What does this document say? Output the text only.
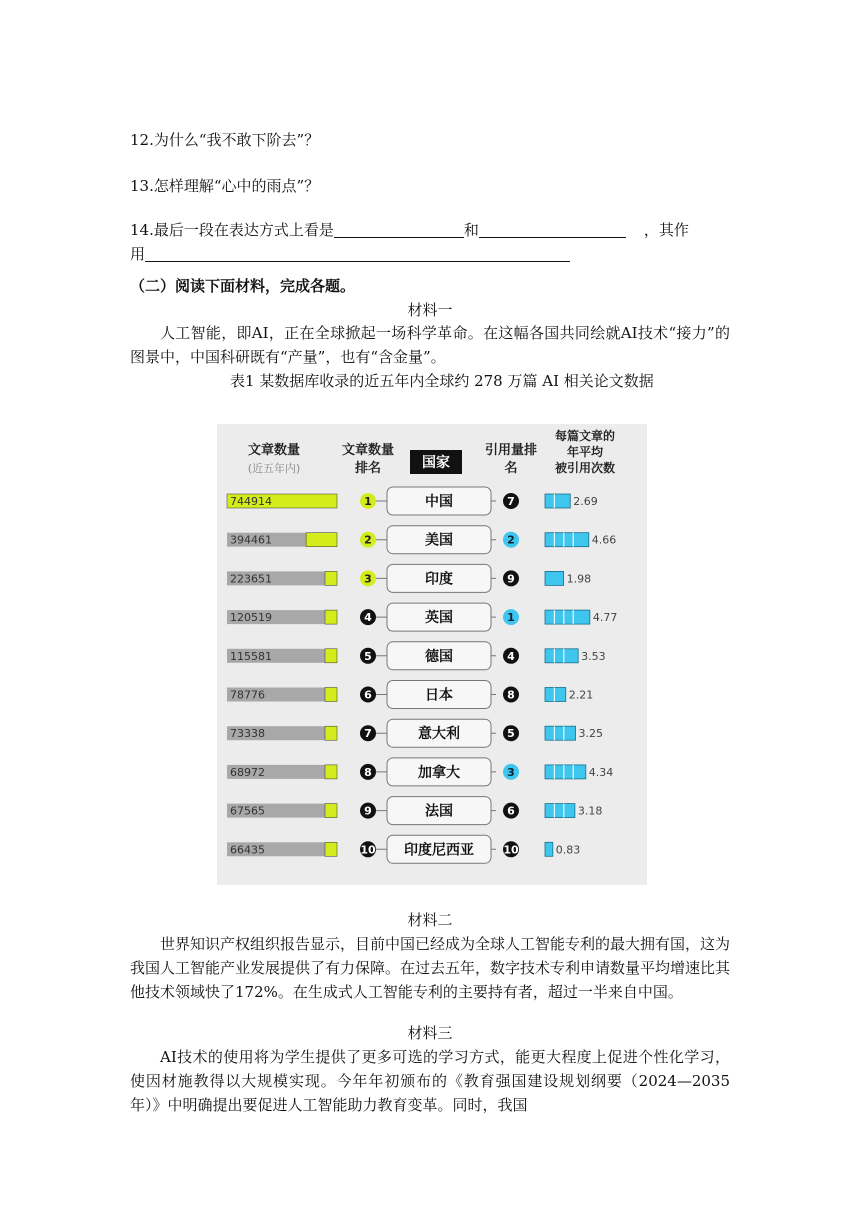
12.为什么“我不敢下阶去”？
13.怎样理解“心中的雨点”？
14.最后一段在表达方式上看是	和	，其作
用
（二）阅读下面材料，完成各题。
材料一
人工智能，即AI，正在全球掀起一场科学革命。在这幅各国共同绘就AI技术“接力”的图景中，中国科研既有“产量”，也有“含金量”。
表1 某数据库收录的近五年内全球约 278 万篇 AI 相关论文数据
文章数量
(近五年内)
文章数量
排名	国家
引用量排
名
每篇文章的
年平均
被引用次数
744914	1	中国	7	2.69
394461	2	美国	2	4.66
223651	3	印度	9	1.98
120519	4	英国	1	4.77
115581	5	德国	4	3.53
78776	6	日本	8	2.21
73338	7	意大利	5	3.25
68972	8	加拿大	3	4.34
67565	9	法国	6	3.18
66435	10 印度尼西亚	10	0.83
材料二
世界知识产权组织报告显示，目前中国已经成为全球人工智能专利的最大拥有国，这为我国人工智能产业发展提供了有力保障。在过去五年，数字技术专利申请数量平均增速比其他技术领域快了172%。在生成式人工智能专利的主要持有者，超过一半来自中国。
材料三
AI技术的使用将为学生提供了更多可选的学习方式，能更大程度上促进个性化学习，使因材施教得以大规模实现。今年年初颁布的《教育强国建设规划纲要（2024—2035年）》中明确提出要促进人工智能助力教育变革。同时，我国
